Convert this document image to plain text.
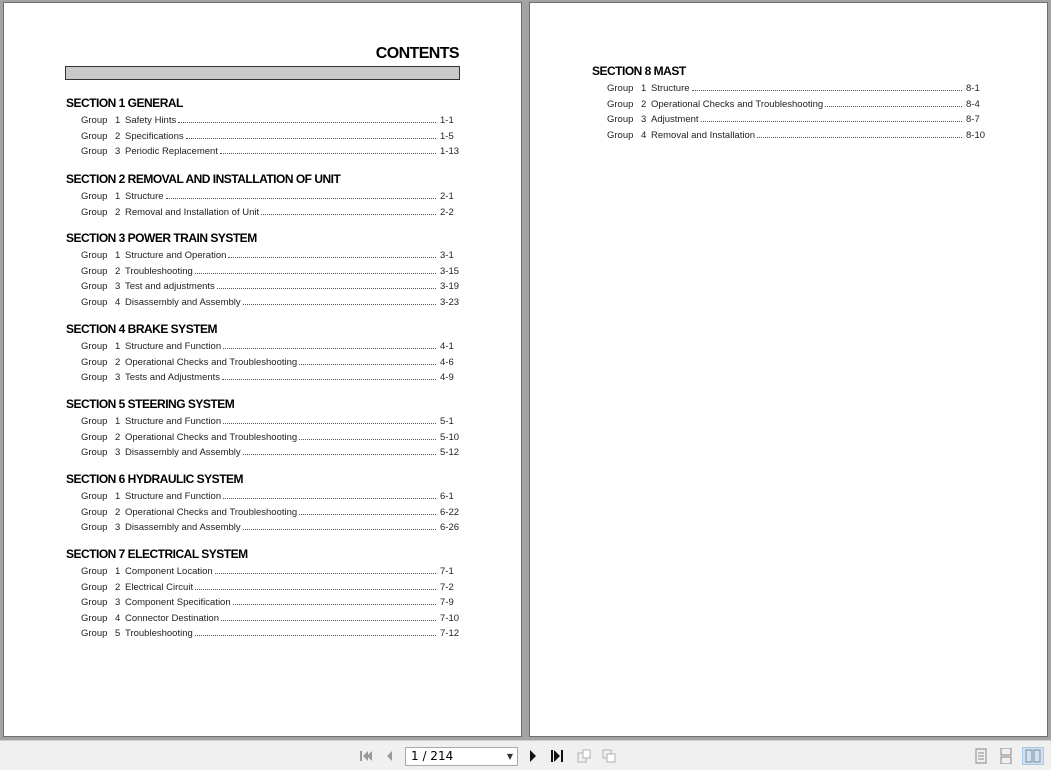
CONTENTS
SECTION 1 GENERAL
Group 1 Safety Hints	1-1
Group 2 Specifications	1-5
Group 3 Periodic Replacement	1-13
SECTION 2 REMOVAL AND INSTALLATION OF UNIT
Group 1 Structure	2-1
Group 2 Removal and Installation of Unit	2-2
SECTION 3 POWER TRAIN SYSTEM
Group 1 Structure and Operation	3-1
Group 2 Troubleshooting	3-15
Group 3 Test and adjustments	3-19
Group 4 Disassembly and Assembly	3-23
SECTION 4 BRAKE SYSTEM
Group 1 Structure and Function	4-1
Group 2 Operational Checks and Troubleshooting	4-6
Group 3 Tests and Adjustments	4-9
SECTION 5 STEERING SYSTEM
Group 1 Structure and Function	5-1
Group 2 Operational Checks and Troubleshooting	5-10
Group 3 Disassembly and Assembly	5-12
SECTION 6 HYDRAULIC SYSTEM
Group 1 Structure and Function	6-1
Group 2 Operational Checks and Troubleshooting	6-22
Group 3 Disassembly and Assembly	6-26
SECTION 7 ELECTRICAL SYSTEM
Group 1 Component Location	7-1
Group 2 Electrical Circuit	7-2
Group 3 Component Specification	7-9
Group 4 Connector Destination	7-10
Group 5 Troubleshooting	7-12
SECTION 8 MAST
Group 1 Structure	8-1
Group 2 Operational Checks and Troubleshooting	8-4
Group 3 Adjustment	8-7
Group 4 Removal and Installation	8-10
1 / 214	▼
